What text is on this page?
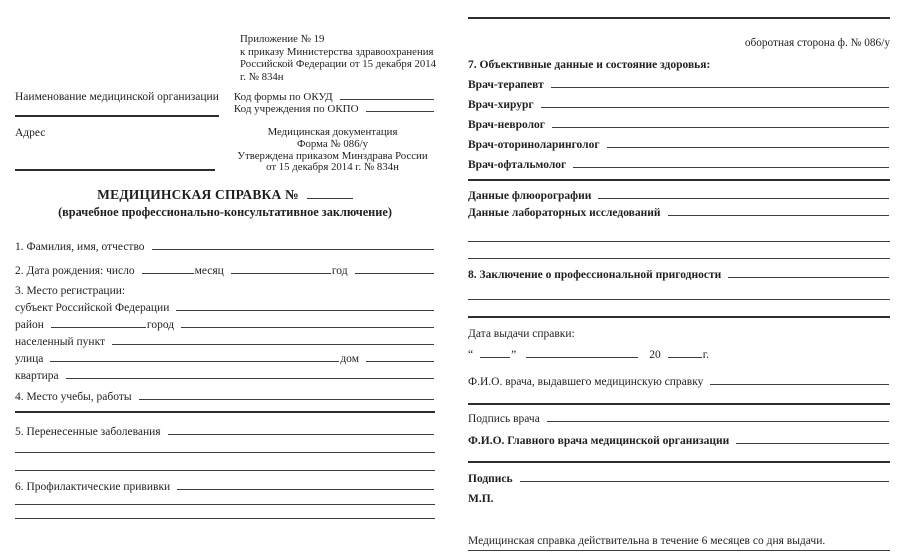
Приложение № 19
к приказу Министерства здравоохранения
Российской Федерации от 15 декабря 2014
г. № 834н
Наименование медицинской организации Код формы по ОКУД
Код учреждения по ОКПО
Адрес	Медицинская документация
Форма № 086/у
Утверждена приказом Минздрава России
от 15 декабря 2014 г. № 834н
МЕДИЦИНСКАЯ СПРАВКА №
(врачебное профессионально-консультативное заключение)
1. Фамилия, имя, отчество
2. Дата рождения: число	месяц	год
3. Место регистрации:
субъект Российской Федерации
район	город
населенный пункт
улица	дом
квартира
4. Место учебы, работы
5. Перенесенные заболевания
6. Профилактические прививки
оборотная сторона ф. № 086/у
7. Объективные данные и состояние здоровья:
Врач-терапевт
Врач-хирург
Врач-невролог
Врач-оториноларинголог
Врач-офтальмолог
Данные флюорографии
Данные лабораторных исследований
8. Заключение о профессиональной пригодности
Дата выдачи справки:
“	”	20	г.
Ф.И.О. врача, выдавшего медицинскую справку
Подпись врача
Ф.И.О. Главного врача медицинской организации
Подпись
М.П.
Медицинская справка действительна в течение 6 месяцев со дня выдачи.
